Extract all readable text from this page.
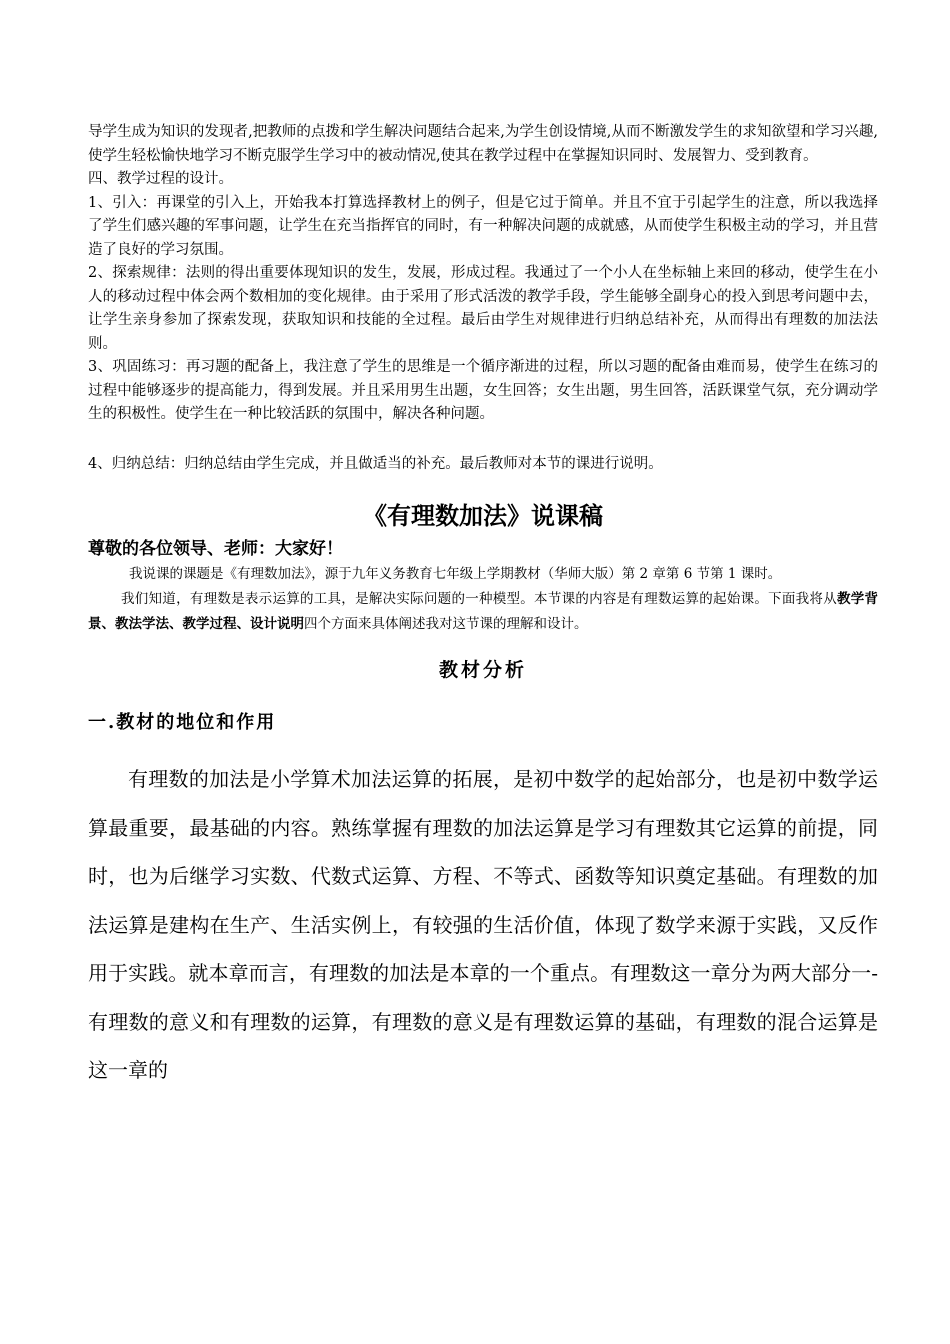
导学生成为知识的发现者,把教师的点拨和学生解决问题结合起来,为学生创设情境,从而不断激发学生的求知欲望和学习兴趣,使学生轻松愉快地学习不断克服学生学习中的被动情况,使其在教学过程中在掌握知识同时、发展智力、受到教育。

四、教学过程的设计。

1、引入：再课堂的引入上，开始我本打算选择教材上的例子，但是它过于简单。并且不宜于引起学生的注意，所以我选择了学生们感兴趣的军事问题，让学生在充当指挥官的同时，有一种解决问题的成就感，从而使学生积极主动的学习，并且营造了良好的学习氛围。

2、探索规律：法则的得出重要体现知识的发生，发展，形成过程。我通过了一个小人在坐标轴上来回的移动，使学生在小人的移动过程中体会两个数相加的变化规律。由于采用了形式活泼的教学手段，学生能够全副身心的投入到思考问题中去，让学生亲身参加了探索发现，获取知识和技能的全过程。最后由学生对规律进行归纳总结补充，从而得出有理数的加法法则。

3、巩固练习：再习题的配备上，我注意了学生的思维是一个循序渐进的过程，所以习题的配备由难而易，使学生在练习的过程中能够逐步的提高能力，得到发展。并且采用男生出题，女生回答；女生出题，男生回答，活跃课堂气氛，充分调动学生的积极性。使学生在一种比较活跃的氛围中，解决各种问题。

4、归纳总结：归纳总结由学生完成，并且做适当的补充。最后教师对本节的课进行说明。

《有理数加法》说课稿
尊敬的各位领导、老师：大家好！

我说课的课题是《有理数加法》，源于九年义务教育七年级上学期教材（华师大版）第 2 章第 6 节第 1 课时。

我们知道，有理数是表示运算的工具，是解决实际问题的一种模型。本节课的内容是有理数运算的起始课。下面我将从教学背景、教法学法、教学过程、设计说明四个方面来具体阐述我对这节课的理解和设计。

教材分析
一.教材的地位和作用

有理数的加法是小学算术加法运算的拓展，是初中数学的起始部分，也是初中数学运算最重要，最基础的内容。熟练掌握有理数的加法运算是学习有理数其它运算的前提，同时，也为后继学习实数、代数式运算、方程、不等式、函数等知识奠定基础。有理数的加法运算是建构在生产、生活实例上，有较强的生活价值，体现了数学来源于实践，又反作用于实践。就本章而言，有理数的加法是本章的一个重点。有理数这一章分为两大部分一-有理数的意义和有理数的运算，有理数的意义是有理数运算的基础，有理数的混合运算是这一章的
